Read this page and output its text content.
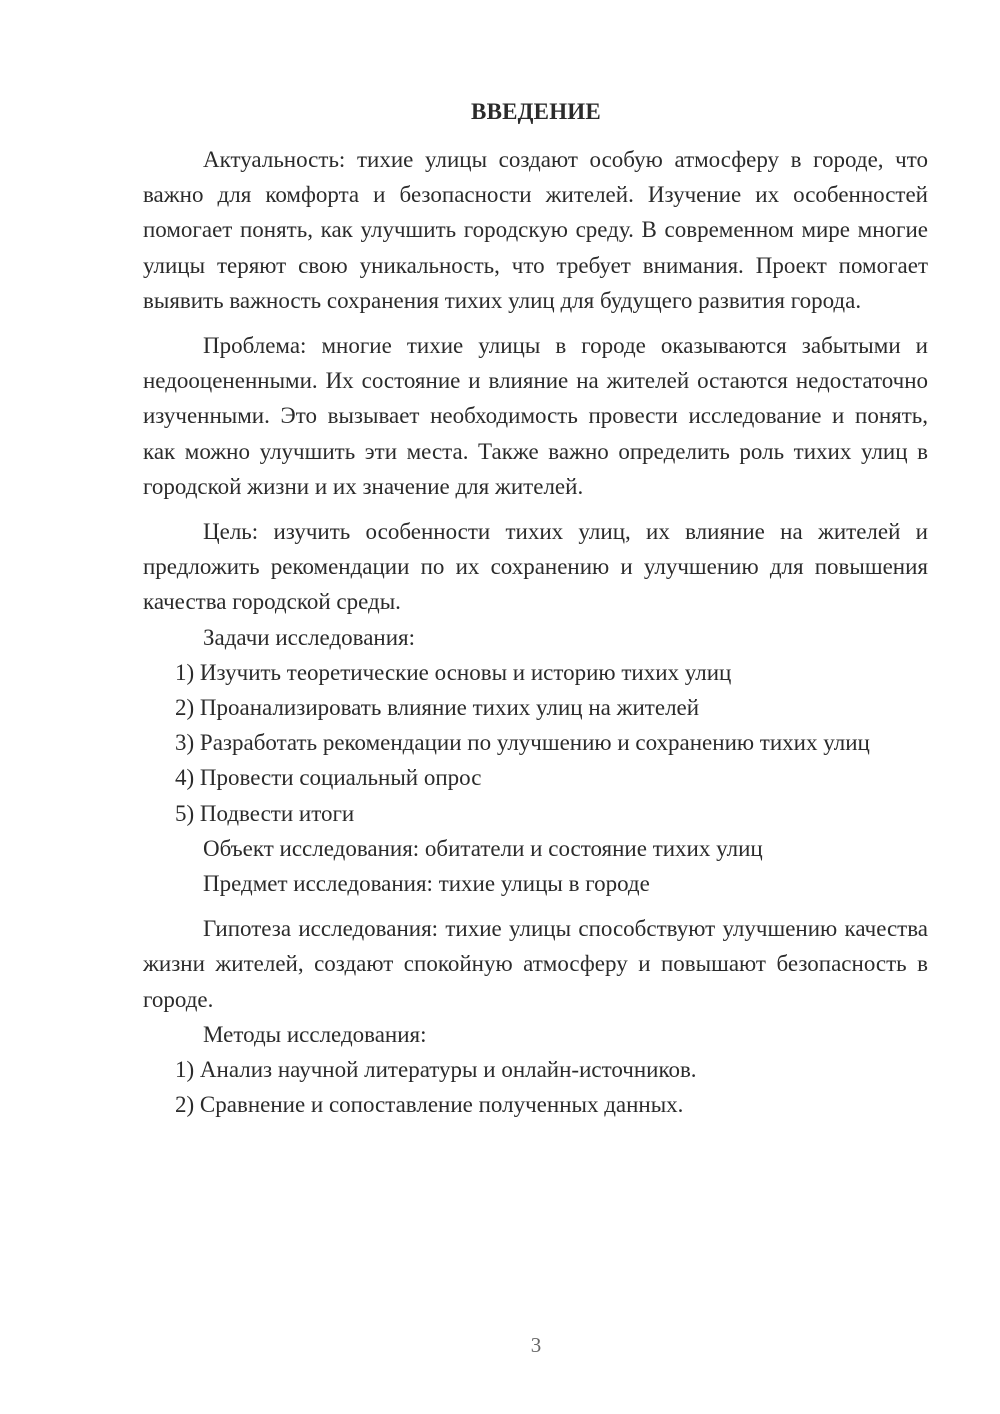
ВВЕДЕНИЕ

Актуальность: тихие улицы создают особую атмосферу в городе, что важно для комфорта и безопасности жителей. Изучение их особенностей помогает понять, как улучшить городскую среду. В современном мире многие улицы теряют свою уникальность, что требует внимания. Проект помогает выявить важность сохранения тихих улиц для будущего развития города.

Проблема: многие тихие улицы в городе оказываются забытыми и недооцененными. Их состояние и влияние на жителей остаются недостаточно изученными. Это вызывает необходимость провести исследование и понять, как можно улучшить эти места. Также важно определить роль тихих улиц в городской жизни и их значение для жителей.

Цель: изучить особенности тихих улиц, их влияние на жителей и предложить рекомендации по их сохранению и улучшению для повышения качества городской среды.

Задачи исследования:

1) Изучить теоретические основы и историю тихих улиц

2) Проанализировать влияние тихих улиц на жителей

3) Разработать рекомендации по улучшению и сохранению тихих улиц

4) Провести социальный опрос

5) Подвести итоги

Объект исследования: обитатели и состояние тихих улиц

Предмет исследования: тихие улицы в городе

Гипотеза исследования: тихие улицы способствуют улучшению качества жизни жителей, создают спокойную атмосферу и повышают безопасность в городе.

Методы исследования:

1) Анализ научной литературы и онлайн-источников.

2) Сравнение и сопоставление полученных данных.

3
